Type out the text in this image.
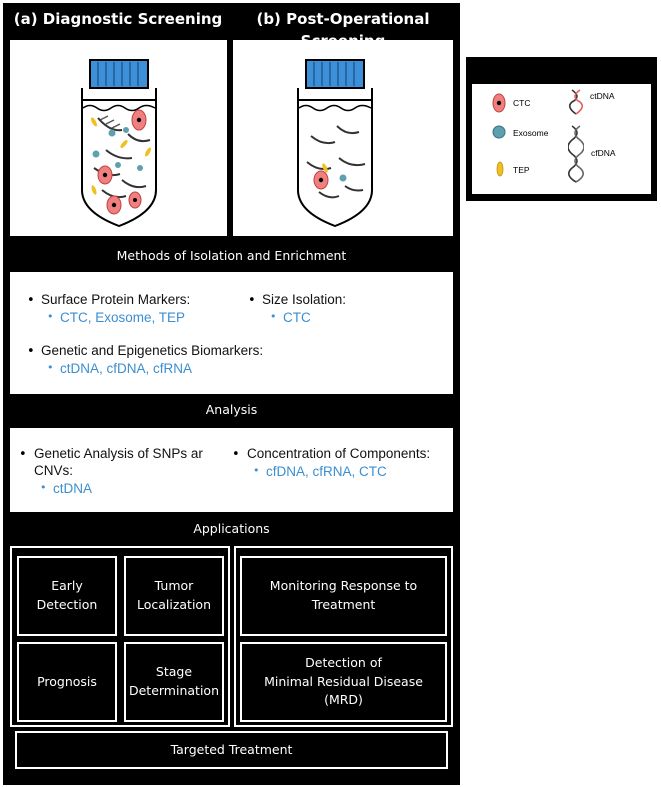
(a) Diagnostic Screening	(b) Post-Operational
Methods of Isolation and Enrichment
• Surface Protein Markers:
• CTC, Exosome, TEP
• Size Isolation:
• CTC
• Genetic and Epigenetics Biomarkers:
• ctDNA, cfDNA, cfRNA
Analysis
• Genetic Analysis of SNPs ar
CNVs:
• ctDNA
• Concentration of Components:
• cfDNA, cfRNA, CTC
Applications
Early
Detection
Tumor
Localization
Prognosis
Stage
Determination
Monitoring Response to
Treatment
Detection of
Minimal Residual Disease
(MRD)
Targeted Treatment
CTC
ctDNA
Exosome
cfDNA
TEP
